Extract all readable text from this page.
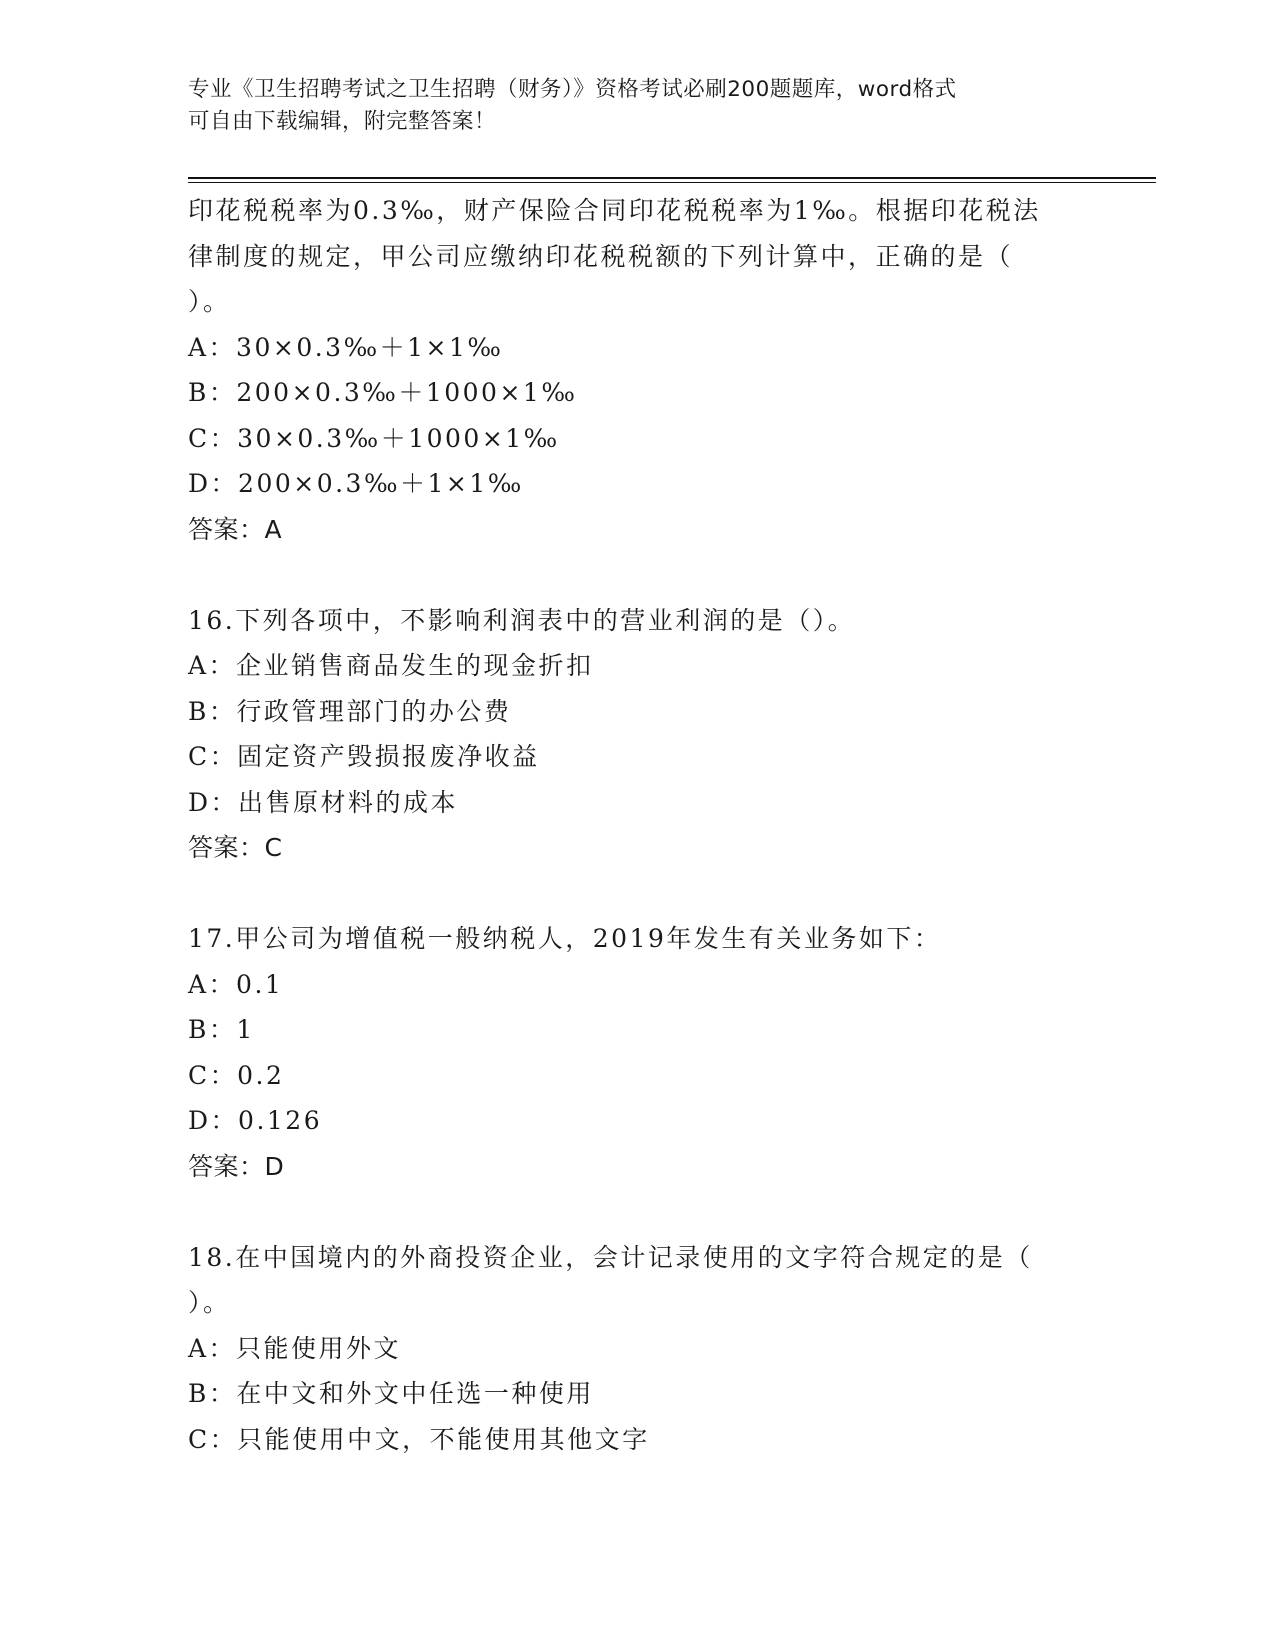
专业《卫生招聘考试之卫生招聘（财务）》资格考试必刷200题题库，word格式
可自由下载编辑，附完整答案！
印花税税率为0.3‰，财产保险合同印花税税率为1‰。根据印花税法
律制度的规定，甲公司应缴纳印花税税额的下列计算中，正确的是（
）。
A：30×0.3‰＋1×1‰
B：200×0.3‰＋1000×1‰
C：30×0.3‰＋1000×1‰
D：200×0.3‰＋1×1‰
答案：A
16.下列各项中，不影响利润表中的营业利润的是（）。
A：企业销售商品发生的现金折扣
B：行政管理部门的办公费
C：固定资产毁损报废净收益
D：出售原材料的成本
答案：C
17.甲公司为增值税一般纳税人，2019年发生有关业务如下：
A：0.1
B：1
C：0.2
D：0.126
答案：D
18.在中国境内的外商投资企业，会计记录使用的文字符合规定的是（
）。
A：只能使用外文
B：在中文和外文中任选一种使用
C：只能使用中文，不能使用其他文字
